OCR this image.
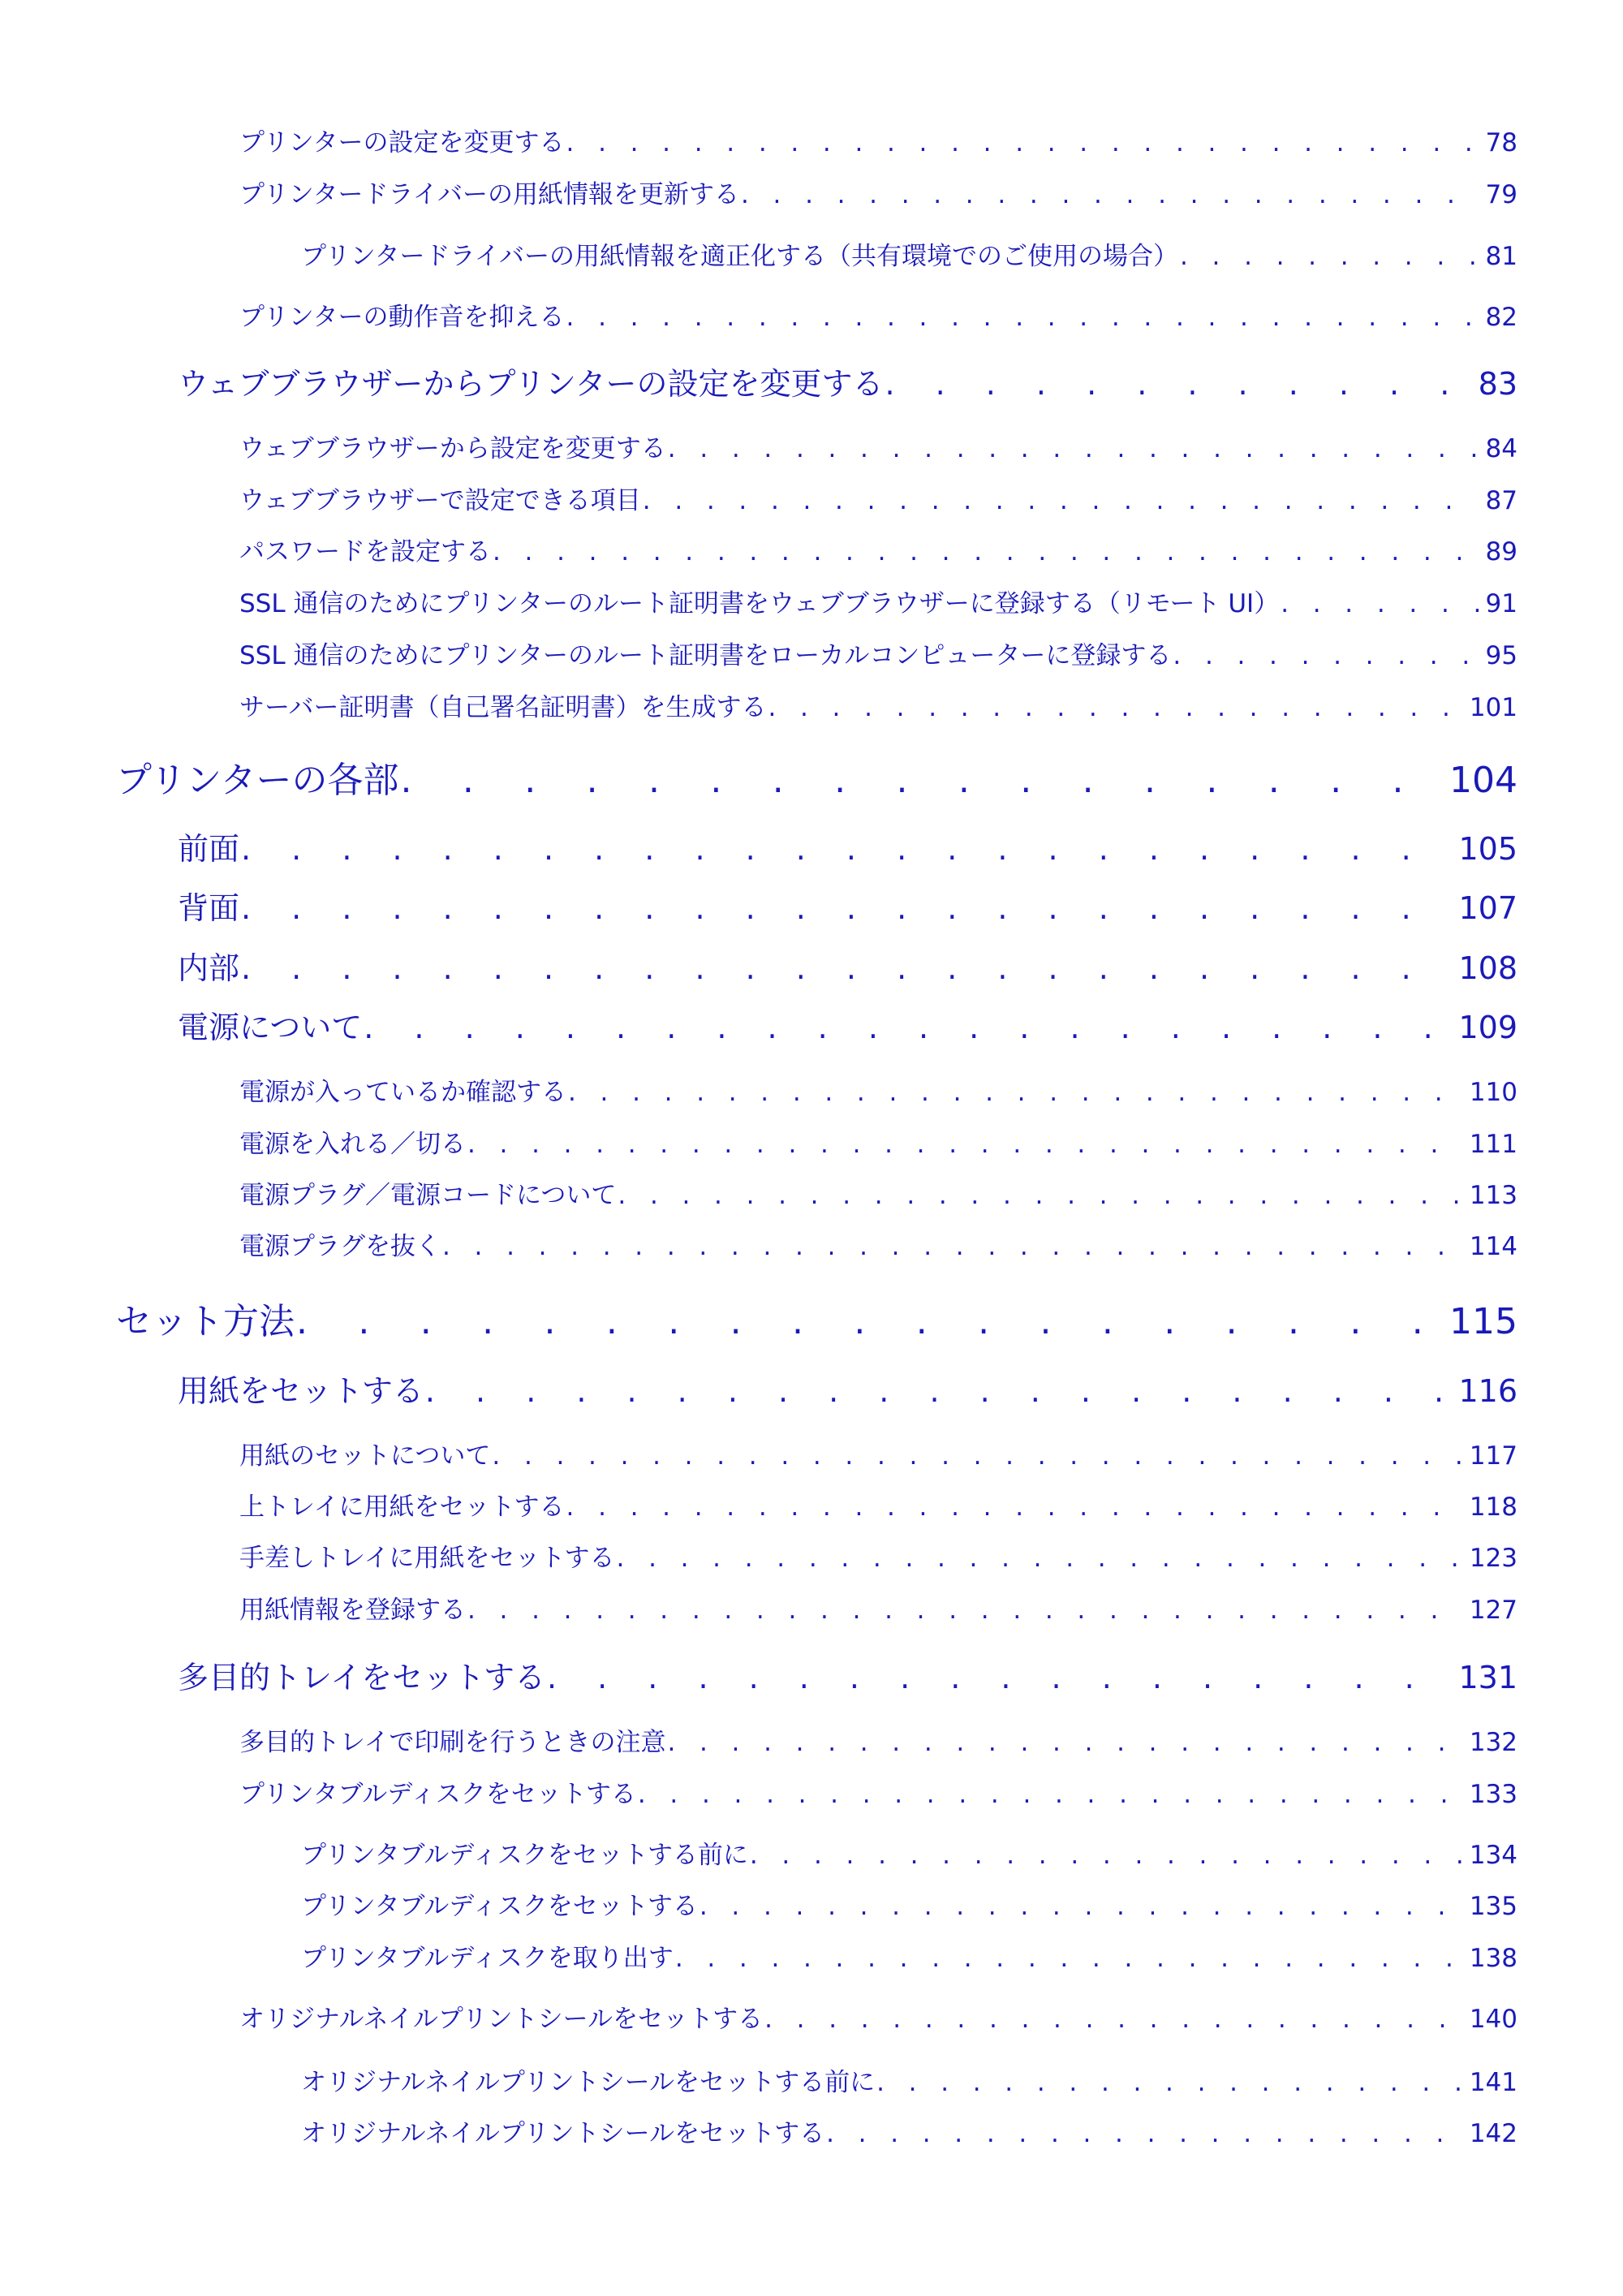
プリンターの設定を変更する . . .	78
プリンタードライバーの用紙情報を更新する . . .	79
プリンタードライバーの用紙情報を適正化する（共有環境でのご使用の場合） . . .	81
プリンターの動作音を抑える . . .	82
ウェブブラウザーからプリンターの設定を変更する . . .	83
ウェブブラウザーから設定を変更する . . .	84
ウェブブラウザーで設定できる項目 . . .	87
パスワードを設定する . . .	89
SSL 通信のためにプリンターのルート証明書をウェブブラウザーに登録する（リモート UI） . . .	91
SSL 通信のためにプリンターのルート証明書をローカルコンピューターに登録する . . .	95
サーバー証明書（自己署名証明書）を生成する . . .	101
プリンターの各部 . . .	104
前面 . . .	105
背面 . . .	107
内部 . . .	108
電源について . . .	109
電源が入っているか確認する . . .	110
電源を入れる／切る . . .	111
電源プラグ／電源コードについて . . .	113
電源プラグを抜く . . .	114
セット方法 . . .	115
用紙をセットする . . .	116
用紙のセットについて . . .	117
上トレイに用紙をセットする . . .	118
手差しトレイに用紙をセットする . . .	123
用紙情報を登録する . . .	127
多目的トレイをセットする . . .	131
多目的トレイで印刷を行うときの注意 . . .	132
プリンタブルディスクをセットする . . .	133
プリンタブルディスクをセットする前に . . .	134
プリンタブルディスクをセットする . . .	135
プリンタブルディスクを取り出す . . .	138
オリジナルネイルプリントシールをセットする . . .	140
オリジナルネイルプリントシールをセットする前に . . .	141
オリジナルネイルプリントシールをセットする . . .	142
